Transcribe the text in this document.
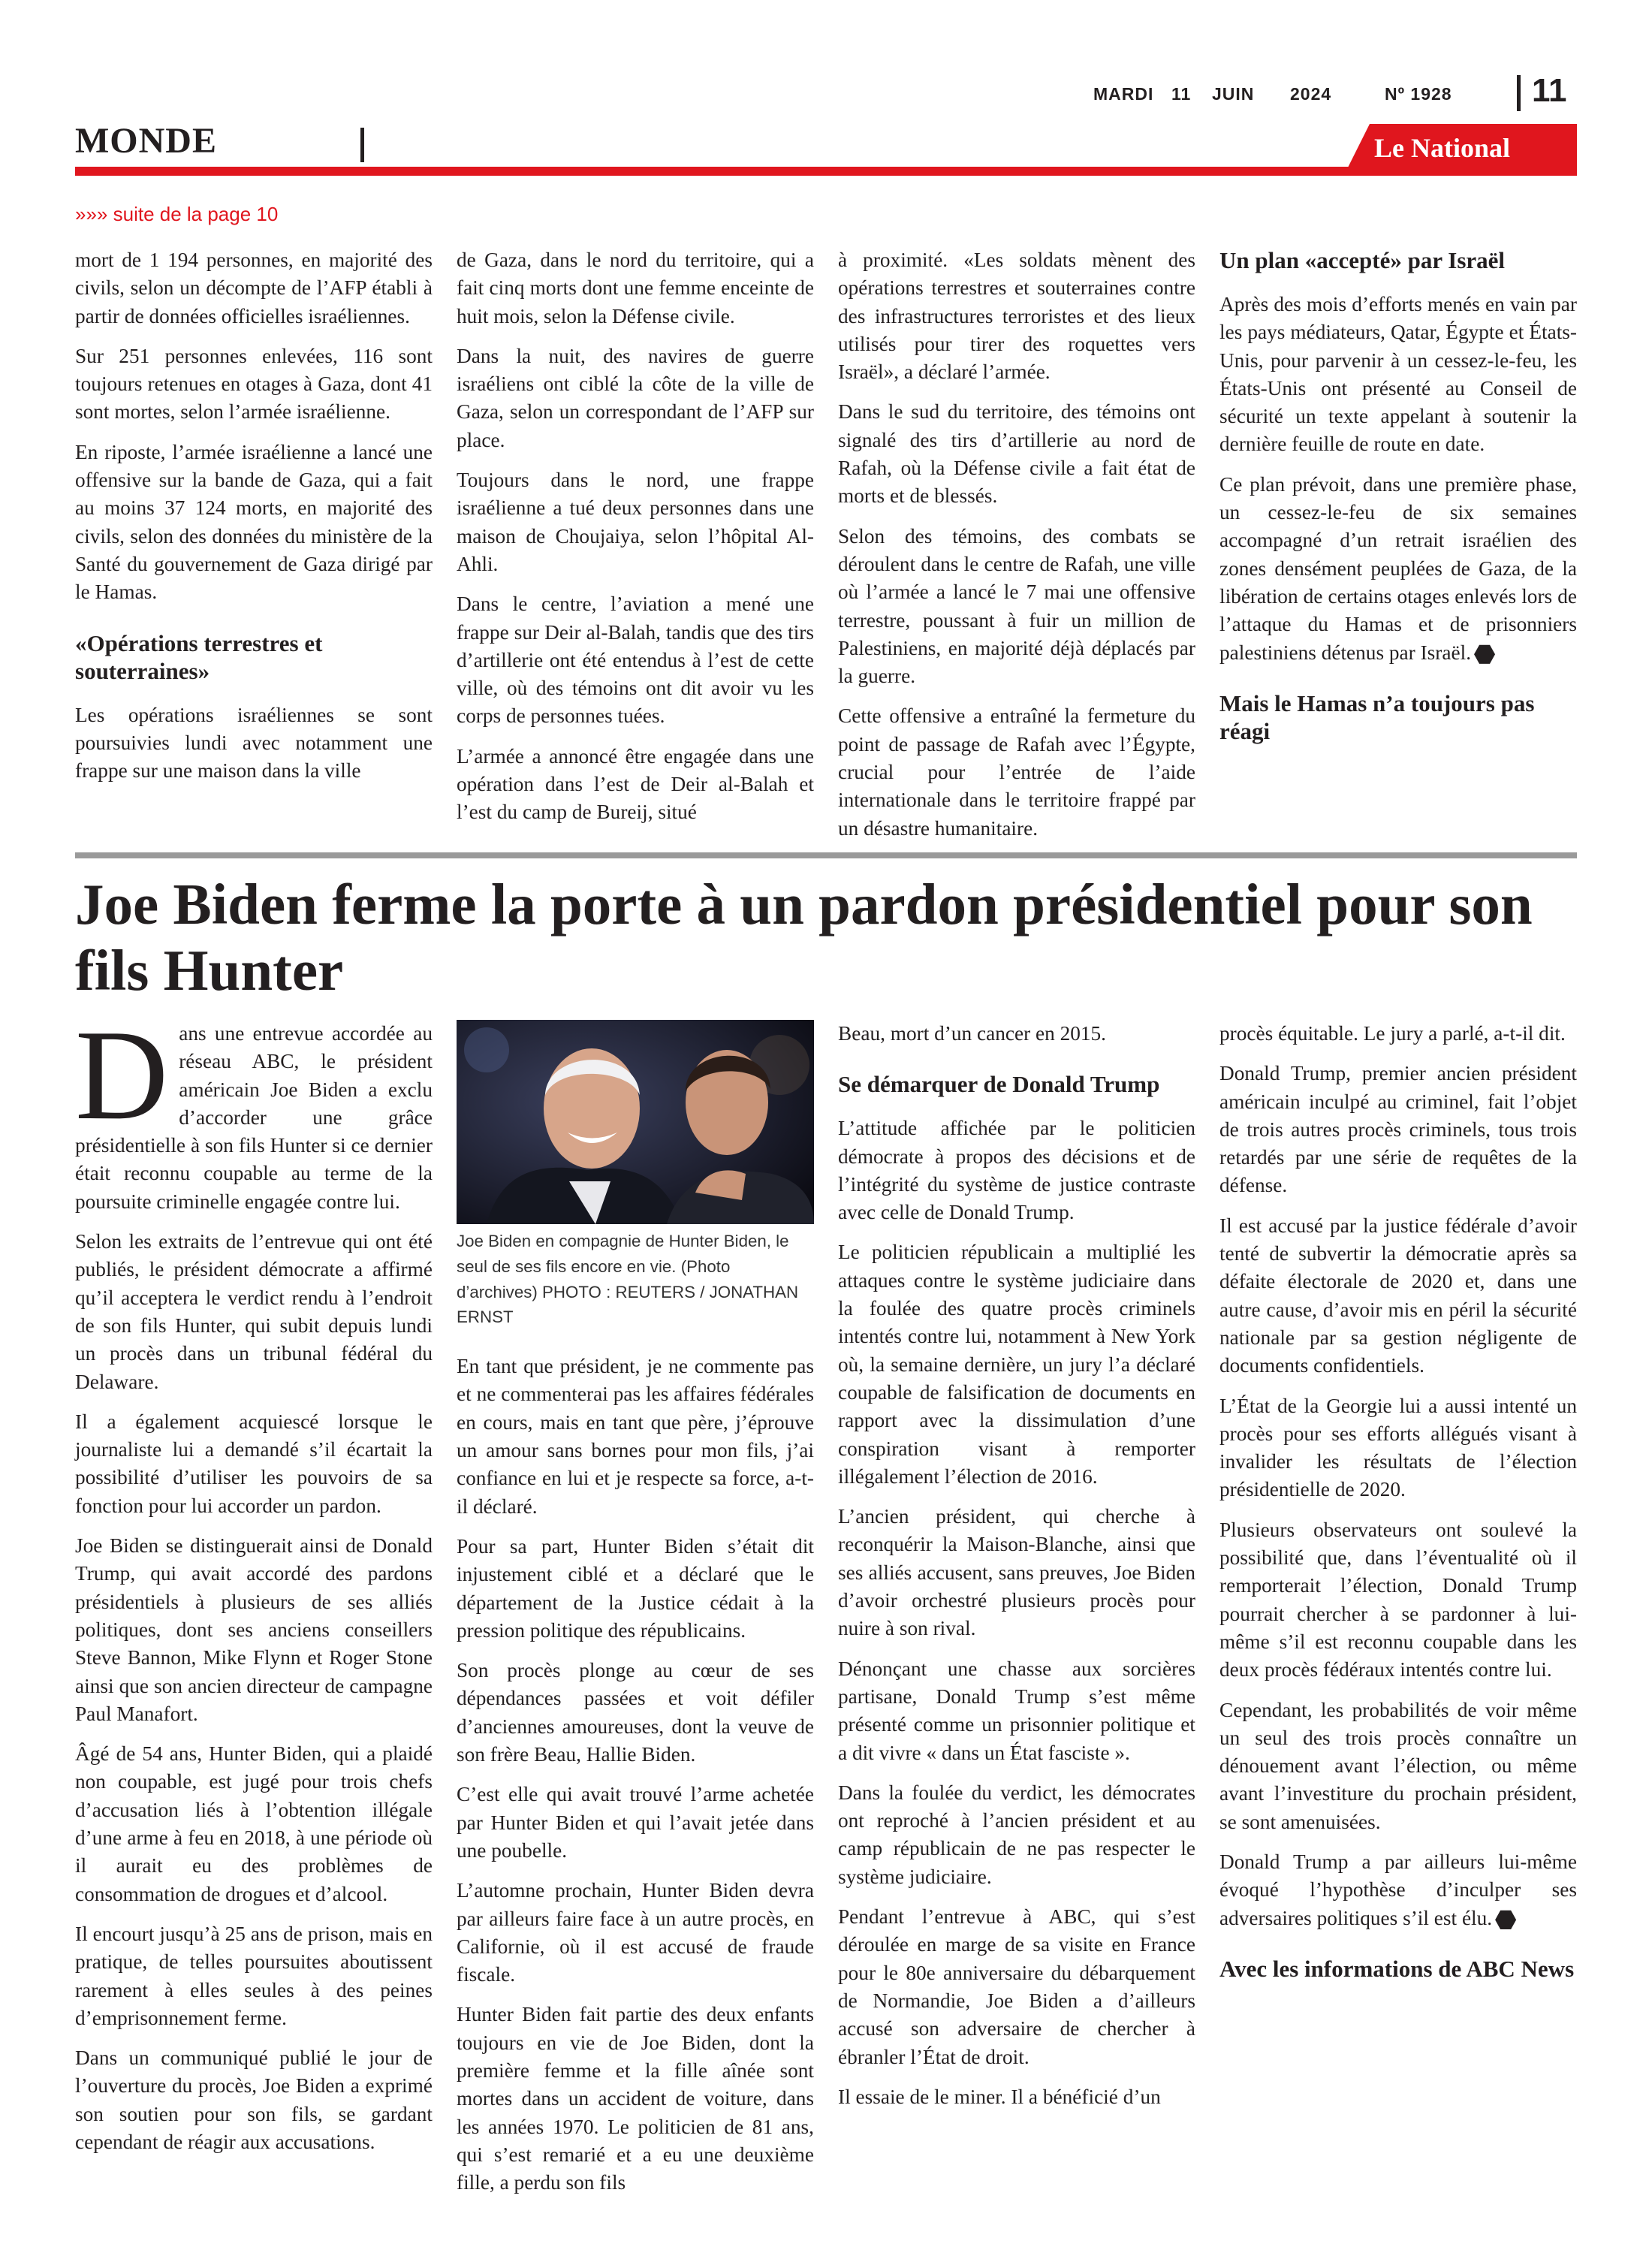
MARDI 11 JUIN 2024	Nº 1928 11
MONDE	Le National
»»» suite de la page 10

mort de 1 194 personnes, en majorité des civils, selon un décompte de l’AFP établi à partir de données officielles israéliennes.

Sur 251 personnes enlevées, 116 sont toujours retenues en otages à Gaza, dont 41 sont mortes, selon l’armée israélienne.

En riposte, l’armée israélienne a lancé une offensive sur la bande de Gaza, qui a fait au moins 37 124 morts, en majorité des civils, selon des données du ministère de la Santé du gouvernement de Gaza dirigé par le Hamas.

«Opérations terrestres et souterraines»

Les opérations israéliennes se sont poursuivies lundi avec notamment une frappe sur une maison dans la ville

de Gaza, dans le nord du territoire, qui a fait cinq morts dont une femme enceinte de huit mois, selon la Défense civile.

Dans la nuit, des navires de guerre israéliens ont ciblé la côte de la ville de Gaza, selon un correspondant de l’AFP sur place.

Toujours dans le nord, une frappe israélienne a tué deux personnes dans une maison de Choujaiya, selon l’hôpital Al-Ahli.

Dans le centre, l’aviation a mené une frappe sur Deir al-Balah, tandis que des tirs d’artillerie ont été entendus à l’est de cette ville, où des témoins ont dit avoir vu les corps de personnes tuées.

L’armée a annoncé être engagée dans une opération dans l’est de Deir al-Balah et l’est du camp de Bureij, situé

à proximité. «Les soldats mènent des opérations terrestres et souterraines contre des infrastructures terroristes et des lieux utilisés pour tirer des roquettes vers Israël», a déclaré l’armée.

Dans le sud du territoire, des témoins ont signalé des tirs d’artillerie au nord de Rafah, où la Défense civile a fait état de morts et de blessés.

Selon des témoins, des combats se déroulent dans le centre de Rafah, une ville où l’armée a lancé le 7 mai une offensive terrestre, poussant à fuir un million de Palestiniens, en majorité déjà déplacés par la guerre.

Cette offensive a entraîné la fermeture du point de passage de Rafah avec l’Égypte, crucial pour l’entrée de l’aide internationale dans le territoire frappé par un désastre humanitaire.

Un plan «accepté» par Israël

Après des mois d’efforts menés en vain par les pays médiateurs, Qatar, Égypte et États-Unis, pour parvenir à un cessez-le-feu, les États-Unis ont présenté au Conseil de sécurité un texte appelant à soutenir la dernière feuille de route en date.

Ce plan prévoit, dans une première phase, un cessez-le-feu de six semaines accompagné d’un retrait israélien des zones densément peuplées de Gaza, de la libération de certains otages enlevés lors de l’attaque du Hamas et de prisonniers palestiniens détenus par Israël.

Mais le Hamas n’a toujours pas réagi
Joe Biden ferme la porte à un pardon présidentiel pour son fils Hunter

Dans une entrevue accordée au réseau ABC, le président américain Joe Biden a exclu d’accorder une grâce présidentielle à son fils Hunter si ce dernier était reconnu coupable au terme de la poursuite criminelle engagée contre lui.

Selon les extraits de l’entrevue qui ont été publiés, le président démocrate a affirmé qu’il acceptera le verdict rendu à l’endroit de son fils Hunter, qui subit depuis lundi un procès dans un tribunal fédéral du Delaware.

Il a également acquiescé lorsque le journaliste lui a demandé s’il écartait la possibilité d’utiliser les pouvoirs de sa fonction pour lui accorder un pardon.

Joe Biden se distinguerait ainsi de Donald Trump, qui avait accordé des pardons présidentiels à plusieurs de ses alliés politiques, dont ses anciens conseillers Steve Bannon, Mike Flynn et Roger Stone ainsi que son ancien directeur de campagne Paul Manafort.

Âgé de 54 ans, Hunter Biden, qui a plaidé non coupable, est jugé pour trois chefs d’accusation liés à l’obtention illégale d’une arme à feu en 2018, à une période où il aurait eu des problèmes de consommation de drogues et d’alcool.

Il encourt jusqu’à 25 ans de prison, mais en pratique, de telles poursuites aboutissent rarement à elles seules à des peines d’emprisonnement ferme.

Dans un communiqué publié le jour de l’ouverture du procès, Joe Biden a exprimé son soutien pour son fils, se gardant cependant de réagir aux accusations.

Joe Biden en compagnie de Hunter Biden, le seul de ses fils encore en vie. (Photo d’archives) PHOTO : REUTERS / JONATHAN ERNST

En tant que président, je ne commente pas et ne commenterai pas les affaires fédérales en cours, mais en tant que père, j’éprouve un amour sans bornes pour mon fils, j’ai confiance en lui et je respecte sa force, a-t-il déclaré.

Pour sa part, Hunter Biden s’était dit injustement ciblé et a déclaré que le département de la Justice cédait à la pression politique des républicains.

Son procès plonge au cœur de ses dépendances passées et voit défiler d’anciennes amoureuses, dont la veuve de son frère Beau, Hallie Biden.

C’est elle qui avait trouvé l’arme achetée par Hunter Biden et qui l’avait jetée dans une poubelle.

L’automne prochain, Hunter Biden devra par ailleurs faire face à un autre procès, en Californie, où il est accusé de fraude fiscale.

Hunter Biden fait partie des deux enfants toujours en vie de Joe Biden, dont la première femme et la fille aînée sont mortes dans un accident de voiture, dans les années 1970. Le politicien de 81 ans, qui s’est remarié et a eu une deuxième fille, a perdu son fils

Beau, mort d’un cancer en 2015.

Se démarquer de Donald Trump

L’attitude affichée par le politicien démocrate à propos des décisions et de l’intégrité du système de justice contraste avec celle de Donald Trump.

Le politicien républicain a multiplié les attaques contre le système judiciaire dans la foulée des quatre procès criminels intentés contre lui, notamment à New York où, la semaine dernière, un jury l’a déclaré coupable de falsification de documents en rapport avec la dissimulation d’une conspiration visant à remporter illégalement l’élection de 2016.

L’ancien président, qui cherche à reconquérir la Maison-Blanche, ainsi que ses alliés accusent, sans preuves, Joe Biden d’avoir orchestré plusieurs procès pour nuire à son rival.

Dénonçant une chasse aux sorcières partisane, Donald Trump s’est même présenté comme un prisonnier politique et a dit vivre « dans un État fasciste ».

Dans la foulée du verdict, les démocrates ont reproché à l’ancien président et au camp républicain de ne pas respecter le système judiciaire.

Pendant l’entrevue à ABC, qui s’est déroulée en marge de sa visite en France pour le 80e anniversaire du débarquement de Normandie, Joe Biden a d’ailleurs accusé son adversaire de chercher à ébranler l’État de droit.

Il essaie de le miner. Il a bénéficié d’un

procès équitable. Le jury a parlé, a-t-il dit.

Donald Trump, premier ancien président américain inculpé au criminel, fait l’objet de trois autres procès criminels, tous trois retardés par une série de requêtes de la défense.

Il est accusé par la justice fédérale d’avoir tenté de subvertir la démocratie après sa défaite électorale de 2020 et, dans une autre cause, d’avoir mis en péril la sécurité nationale par sa gestion négligente de documents confidentiels.

L’État de la Georgie lui a aussi intenté un procès pour ses efforts allégués visant à invalider les résultats de l’élection présidentielle de 2020.

Plusieurs observateurs ont soulevé la possibilité que, dans l’éventualité où il remporterait l’élection, Donald Trump pourrait chercher à se pardonner à lui-même s’il est reconnu coupable dans les deux procès fédéraux intentés contre lui.

Cependant, les probabilités de voir même un seul des trois procès connaître un dénouement avant l’élection, ou même avant l’investiture du prochain président, se sont amenuisées.

Donald Trump a par ailleurs lui-même évoqué l’hypothèse d’inculper ses adversaires politiques s’il est élu.

Avec les informations de ABC News
